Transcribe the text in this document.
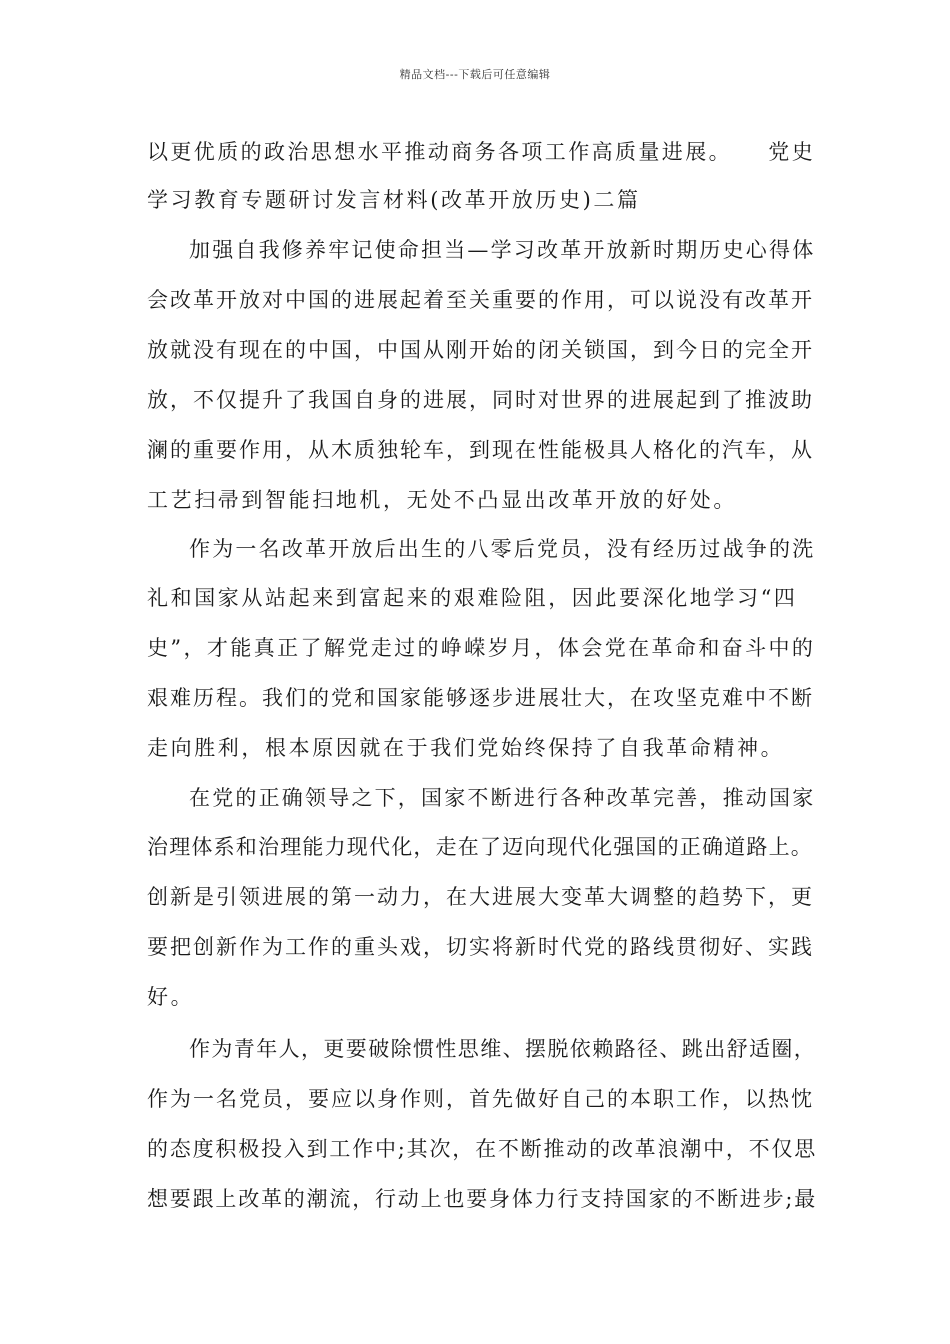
精品文档---下载后可任意编辑
以更优质的政治思想水平推动商务各项工作高质量进展。　　党史
学习教育专题研讨发言材料(改革开放历史)二篇
加强自我修养牢记使命担当—学习改革开放新时期历史心得体
会改革开放对中国的进展起着至关重要的作用，可以说没有改革开
放就没有现在的中国，中国从刚开始的闭关锁国，到今日的完全开
放，不仅提升了我国自身的进展，同时对世界的进展起到了推波助
澜的重要作用，从木质独轮车，到现在性能极具人格化的汽车，从
工艺扫帚到智能扫地机，无处不凸显出改革开放的好处。
作为一名改革开放后出生的八零后党员，没有经历过战争的洗
礼和国家从站起来到富起来的艰难险阻，因此要深化地学习“四
史”，才能真正了解党走过的峥嵘岁月，体会党在革命和奋斗中的
艰难历程。我们的党和国家能够逐步进展壮大，在攻坚克难中不断
走向胜利，根本原因就在于我们党始终保持了自我革命精神。
在党的正确领导之下，国家不断进行各种改革完善，推动国家
治理体系和治理能力现代化，走在了迈向现代化强国的正确道路上。
创新是引领进展的第一动力，在大进展大变革大调整的趋势下，更
要把创新作为工作的重头戏，切实将新时代党的路线贯彻好、实践
好。
作为青年人，更要破除惯性思维、摆脱依赖路径、跳出舒适圈，
作为一名党员，要应以身作则，首先做好自己的本职工作，以热忱
的态度积极投入到工作中;其次，在不断推动的改革浪潮中，不仅思
想要跟上改革的潮流，行动上也要身体力行支持国家的不断进步;最
